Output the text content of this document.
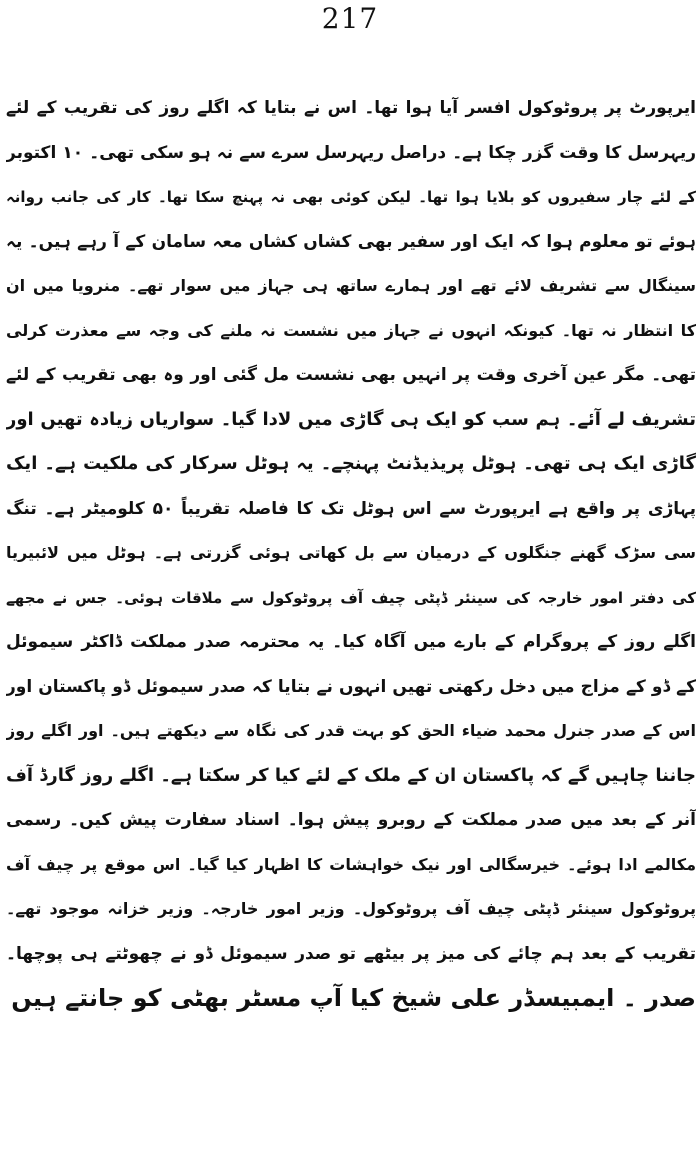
217
ایرپورٹ پر پروٹوکول افسر آیا ہوا تھا۔ اس نے بتایا کہ اگلے روز کی تقریب کے لئے
ریہرسل کا وقت گزر چکا ہے۔ دراصل ریہرسل سرے سے نہ ہو سکی تھی۔ ۱۰ اکتوبر
کے لئے چار سفیروں کو بلایا ہوا تھا۔ لیکن کوئی بھی نہ پہنچ سکا تھا۔ کار کی جانب روانہ
ہوئے تو معلوم ہوا کہ ایک اور سفیر بھی کشاں کشاں معہ سامان کے آ رہے ہیں۔ یہ
سینگال سے تشریف لائے تھے اور ہمارے ساتھ ہی جہاز میں سوار تھے۔ منرویا میں ان
کا انتظار نہ تھا۔ کیونکہ انہوں نے جہاز میں نشست نہ ملنے کی وجہ سے معذرت کرلی
تھی۔ مگر عین آخری وقت پر انہیں بھی نشست مل گئی اور وہ بھی تقریب کے لئے
تشریف لے آئے۔ ہم سب کو ایک ہی گاڑی میں لادا گیا۔ سواریاں زیادہ تھیں اور
گاڑی ایک ہی تھی۔ ہوٹل پریذیڈنٹ پہنچے۔ یہ ہوٹل سرکار کی ملکیت ہے۔ ایک
پہاڑی پر واقع ہے ایرپورٹ سے اس ہوٹل تک کا فاصلہ تقریباً ۵۰ کلومیٹر ہے۔ تنگ
سی سڑک گھنے جنگلوں کے درمیان سے بل کھاتی ہوئی گزرتی ہے۔ ہوٹل میں لائبیریا
کی دفتر امور خارجہ کی سینئر ڈپٹی چیف آف پروٹوکول سے ملاقات ہوئی۔ جس نے مجھے
اگلے روز کے پروگرام کے بارے میں آگاہ کیا۔ یہ محترمہ صدر مملکت ڈاکٹر سیموئل
کے ڈو کے مزاج میں دخل رکھتی تھیں انہوں نے بتایا کہ صدر سیموئل ڈو پاکستان اور
اس کے صدر جنرل محمد ضیاء الحق کو بہت قدر کی نگاہ سے دیکھتے ہیں۔ اور اگلے روز
جاننا چاہیں گے کہ پاکستان ان کے ملک کے لئے کیا کر سکتا ہے۔ اگلے روز گارڈ آف
آنر کے بعد میں صدر مملکت کے روبرو پیش ہوا۔ اسناد سفارت پیش کیں۔ رسمی
مکالمے ادا ہوئے۔ خیرسگالی اور نیک خواہشات کا اظہار کیا گیا۔ اس موقع پر چیف آف
پروٹوکول سینئر ڈپٹی چیف آف پروٹوکول۔ وزیر امور خارجہ۔ وزیر خزانہ موجود تھے۔
تقریب کے بعد ہم چائے کی میز پر بیٹھے تو صدر سیموئل ڈو نے چھوٹتے ہی پوچھا۔
صدر ۔ ایمبیسڈر علی شیخ کیا آپ مسٹر بھٹی کو جانتے ہیں
